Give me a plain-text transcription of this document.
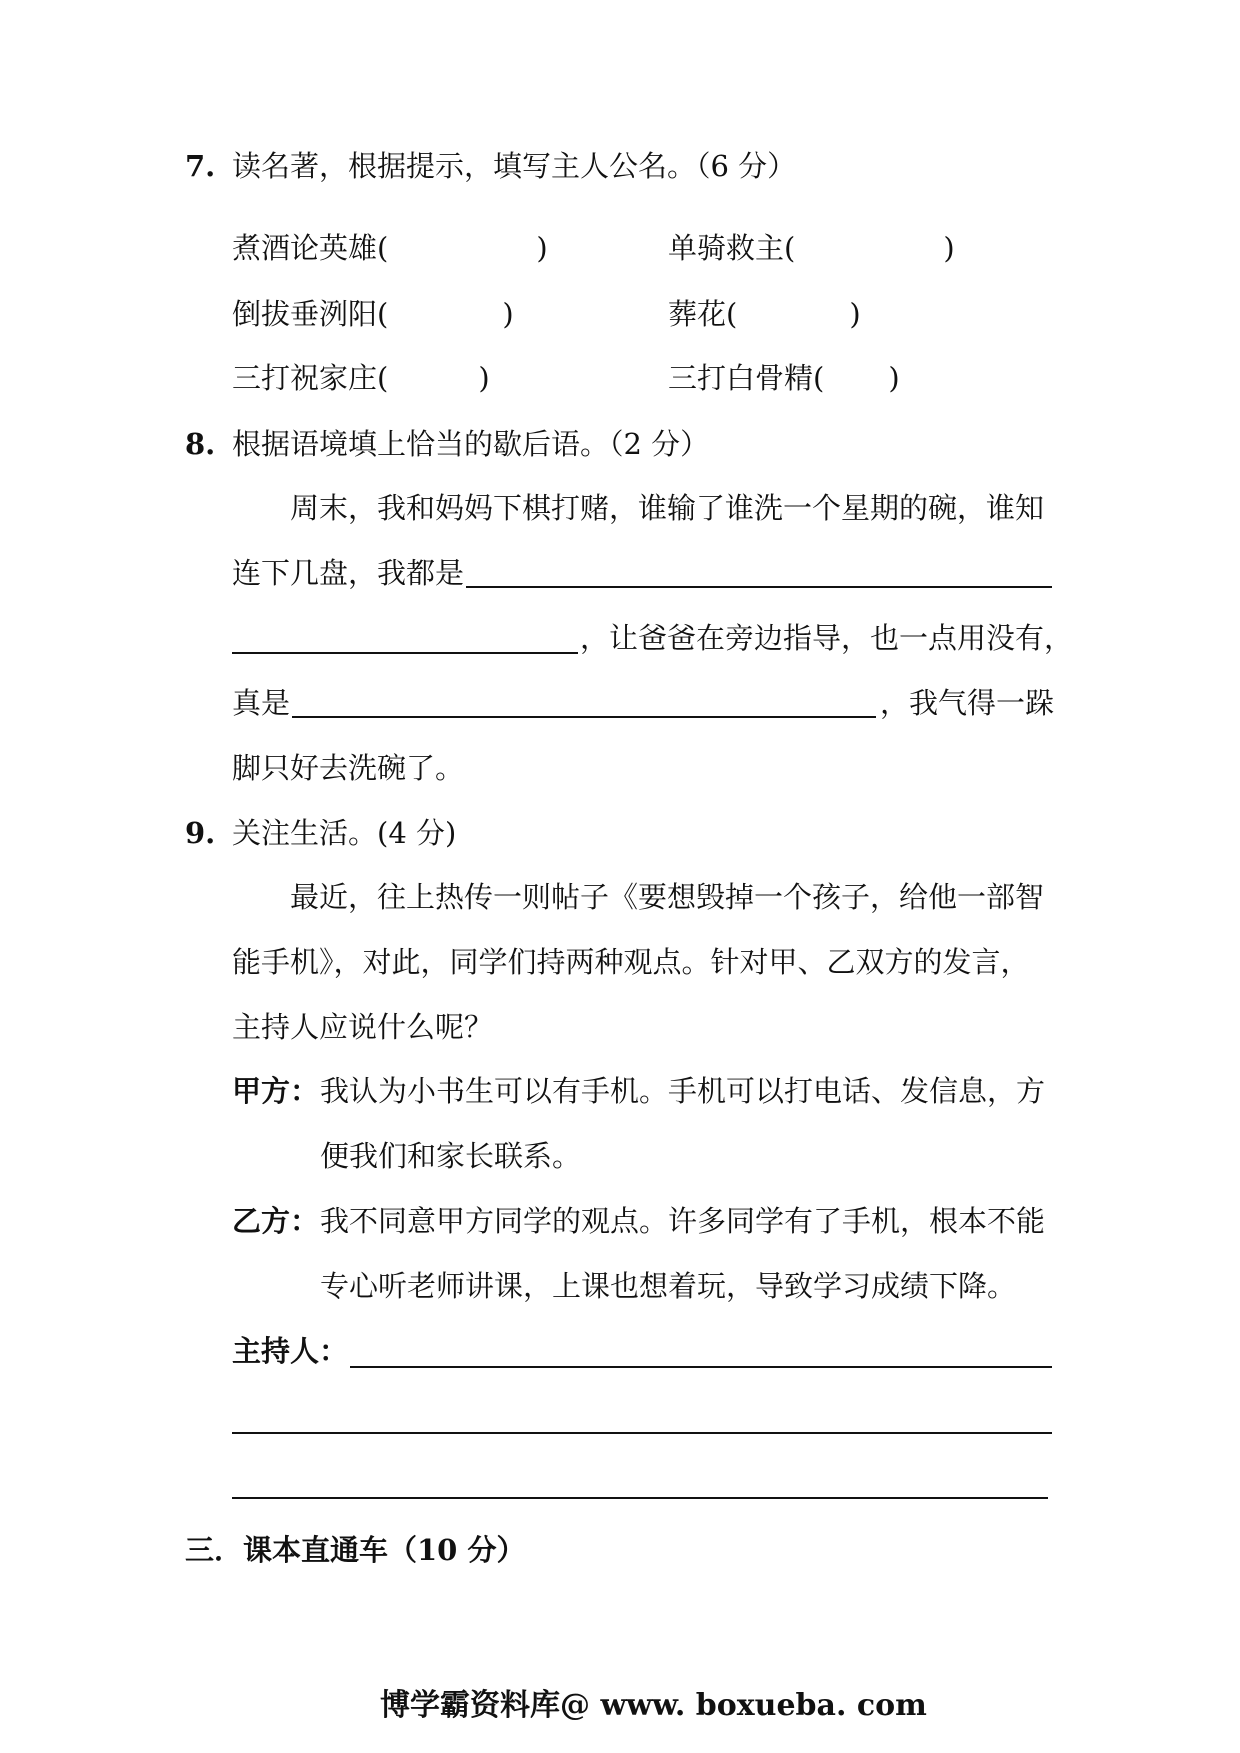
7. 读名著，根据提示，填写主人公名。（6 分）
煮酒论英雄(	)	单骑救主(	)
倒拔垂洌阳(	)	葬花(	)
三打祝家庄(	)	三打白骨精( )
8. 根据语境填上恰当的歇后语。（2 分）
周末，我和妈妈下棋打赌，谁输了谁洗一个星期的碗，谁知
连下几盘，我都是
，让爸爸在旁边指导，也一点用没有，
真是	，我气得一跺
脚只好去洗碗了。
9. 关注生活。(4 分)
最近，往上热传一则帖子《要想毁掉一个孩子，给他一部智
能手机》，对此，同学们持两种观点。针对甲、乙双方的发言，
主持人应说什么呢？
甲方： 我认为小书生可以有手机。手机可以打电话、发信息，方
便我们和家长联系。
乙方： 我不同意甲方同学的观点。许多同学有了手机，根本不能
专心听老师讲课，上课也想着玩，导致学习成绩下降。
主持人：
三．课本直通车（10 分）
博学霸资料库@ www. boxueba. com
